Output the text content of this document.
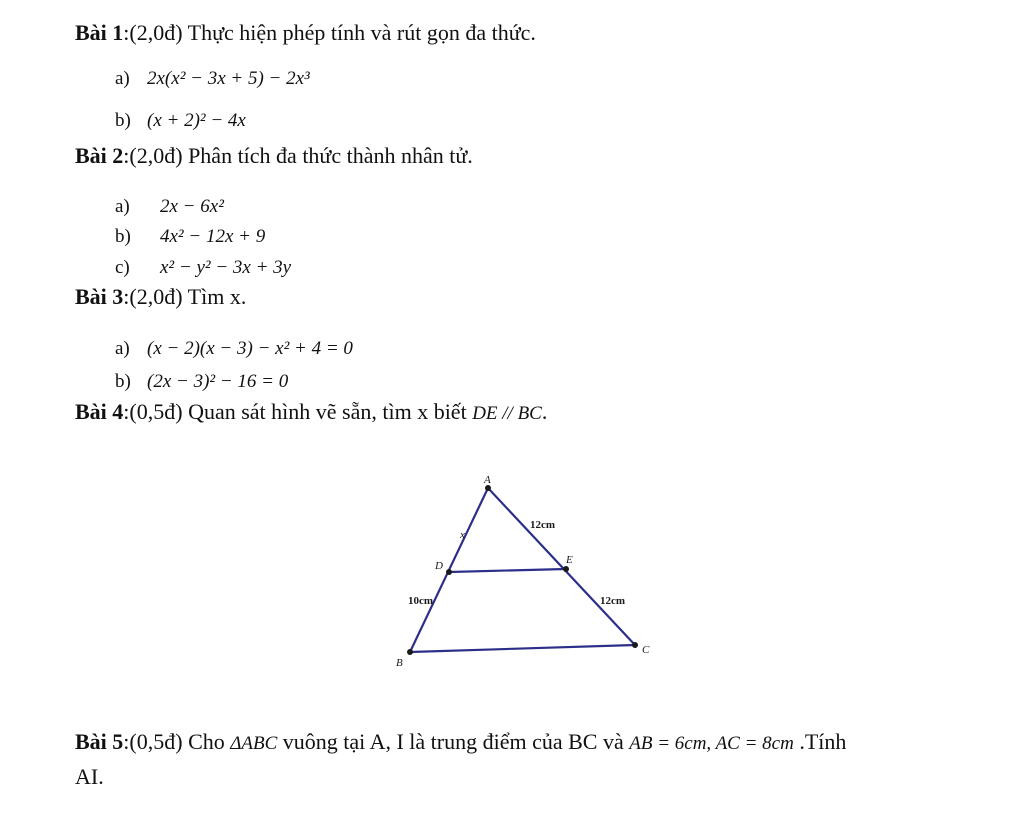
Bài 1:(2,0đ) Thực hiện phép tính và rút gọn đa thức.
a) 2x(x² − 3x + 5) − 2x³
b) (x + 2)² − 4x
Bài 2:(2,0đ) Phân tích đa thức thành nhân tử.
a) 2x − 6x²
b) 4x² − 12x + 9
c) x² − y² − 3x + 3y
Bài 3:(2,0đ) Tìm x.
a) (x − 2)(x − 3) − x² + 4 = 0
b) (2x − 3)² − 16 = 0
Bài 4:(0,5đ) Quan sát hình vẽ sẵn, tìm x biết DE // BC.
A
B
C
D	E
x
12cm
10cm	12cm
Bài 5:(0,5đ) Cho ΔABC vuông tại A, I là trung điểm của BC và AB = 6cm, AC = 8cm .Tính
AI.
